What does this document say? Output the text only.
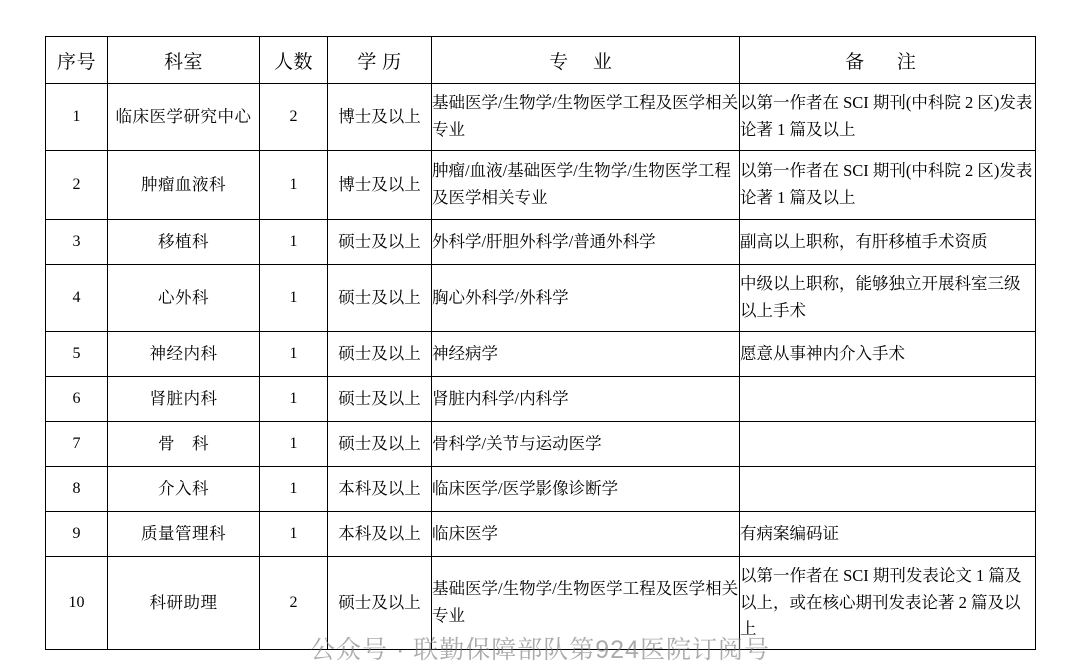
序号	科室	人数	学 历	专 业	备 注
1	临床医学研究中心	2	博士及以上	基础医学/生物学/生物医学工程及医学相关专业	以第一作者在 SCI 期刊(中科院 2 区)发表论著 1 篇及以上
2	肿瘤血液科	1	博士及以上	肿瘤/血液/基础医学/生物学/生物医学工程及医学相关专业	以第一作者在 SCI 期刊(中科院 2 区)发表论著 1 篇及以上
3	移植科	1	硕士及以上	外科学/肝胆外科学/普通外科学	副高以上职称，有肝移植手术资质
4	心外科	1	硕士及以上	胸心外科学/外科学	中级以上职称，能够独立开展科室三级以上手术
5	神经内科	1	硕士及以上	神经病学	愿意从事神内介入手术
6	肾脏内科	1	硕士及以上	肾脏内科学/内科学	
7	骨　科	1	硕士及以上	骨科学/关节与运动医学	
8	介入科	1	本科及以上	临床医学/医学影像诊断学	
9	质量管理科	1	本科及以上	临床医学	有病案编码证
10	科研助理	2	硕士及以上	基础医学/生物学/生物医学工程及医学相关专业	以第一作者在 SCI 期刊发表论文 1 篇及以上，或在核心期刊发表论著 2 篇及以上
公众号 · 联勤保障部队第924医院订阅号
